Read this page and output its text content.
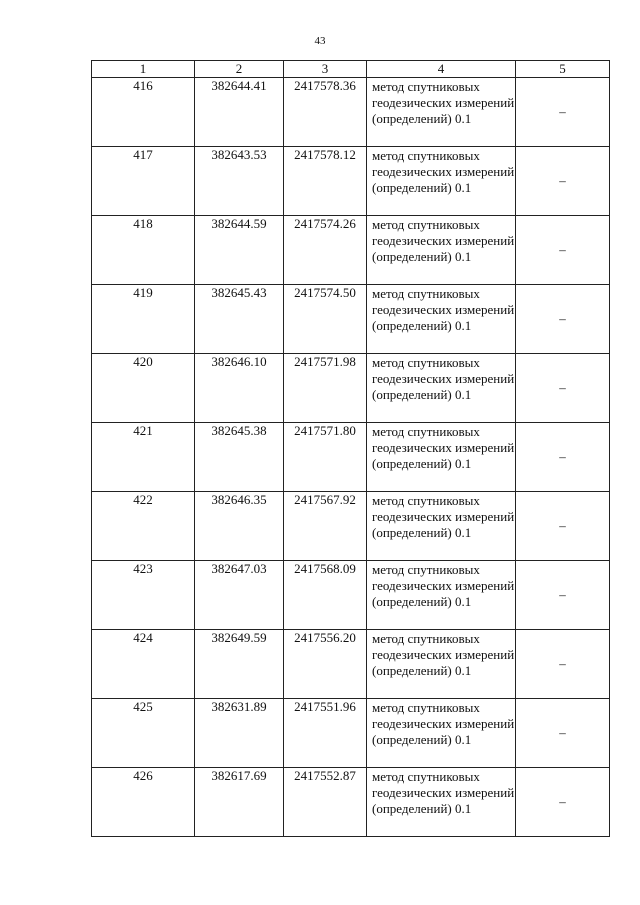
43
1	2	3	4	5
416	382644.41	2417578.36	метод спутниковых геодезических измерений (определений) 0.1	–
417	382643.53	2417578.12	метод спутниковых геодезических измерений (определений) 0.1	–
418	382644.59	2417574.26	метод спутниковых геодезических измерений (определений) 0.1	–
419	382645.43	2417574.50	метод спутниковых геодезических измерений (определений) 0.1	–
420	382646.10	2417571.98	метод спутниковых геодезических измерений (определений) 0.1	–
421	382645.38	2417571.80	метод спутниковых геодезических измерений (определений) 0.1	–
422	382646.35	2417567.92	метод спутниковых геодезических измерений (определений) 0.1	–
423	382647.03	2417568.09	метод спутниковых геодезических измерений (определений) 0.1	–
424	382649.59	2417556.20	метод спутниковых геодезических измерений (определений) 0.1	–
425	382631.89	2417551.96	метод спутниковых геодезических измерений (определений) 0.1	–
426	382617.69	2417552.87	метод спутниковых геодезических измерений (определений) 0.1	–
